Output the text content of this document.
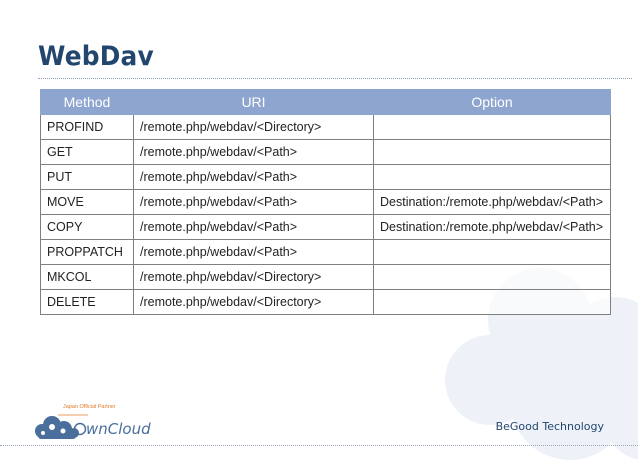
WebDav
Method	URI	Option
PROFIND	/remote.php/webdav/<Directory>	
GET	/remote.php/webdav/<Path>	
PUT	/remote.php/webdav/<Path>	
MOVE	/remote.php/webdav/<Path>	Destination:/remote.php/webdav/<Path>
COPY	/remote.php/webdav/<Path>	Destination:/remote.php/webdav/<Path>
PROPPATCH	/remote.php/webdav/<Path>	
MKCOL	/remote.php/webdav/<Directory>	
DELETE	/remote.php/webdav/<Directory>	
Japan Official Partner
wnCloud	BeGood Technology
